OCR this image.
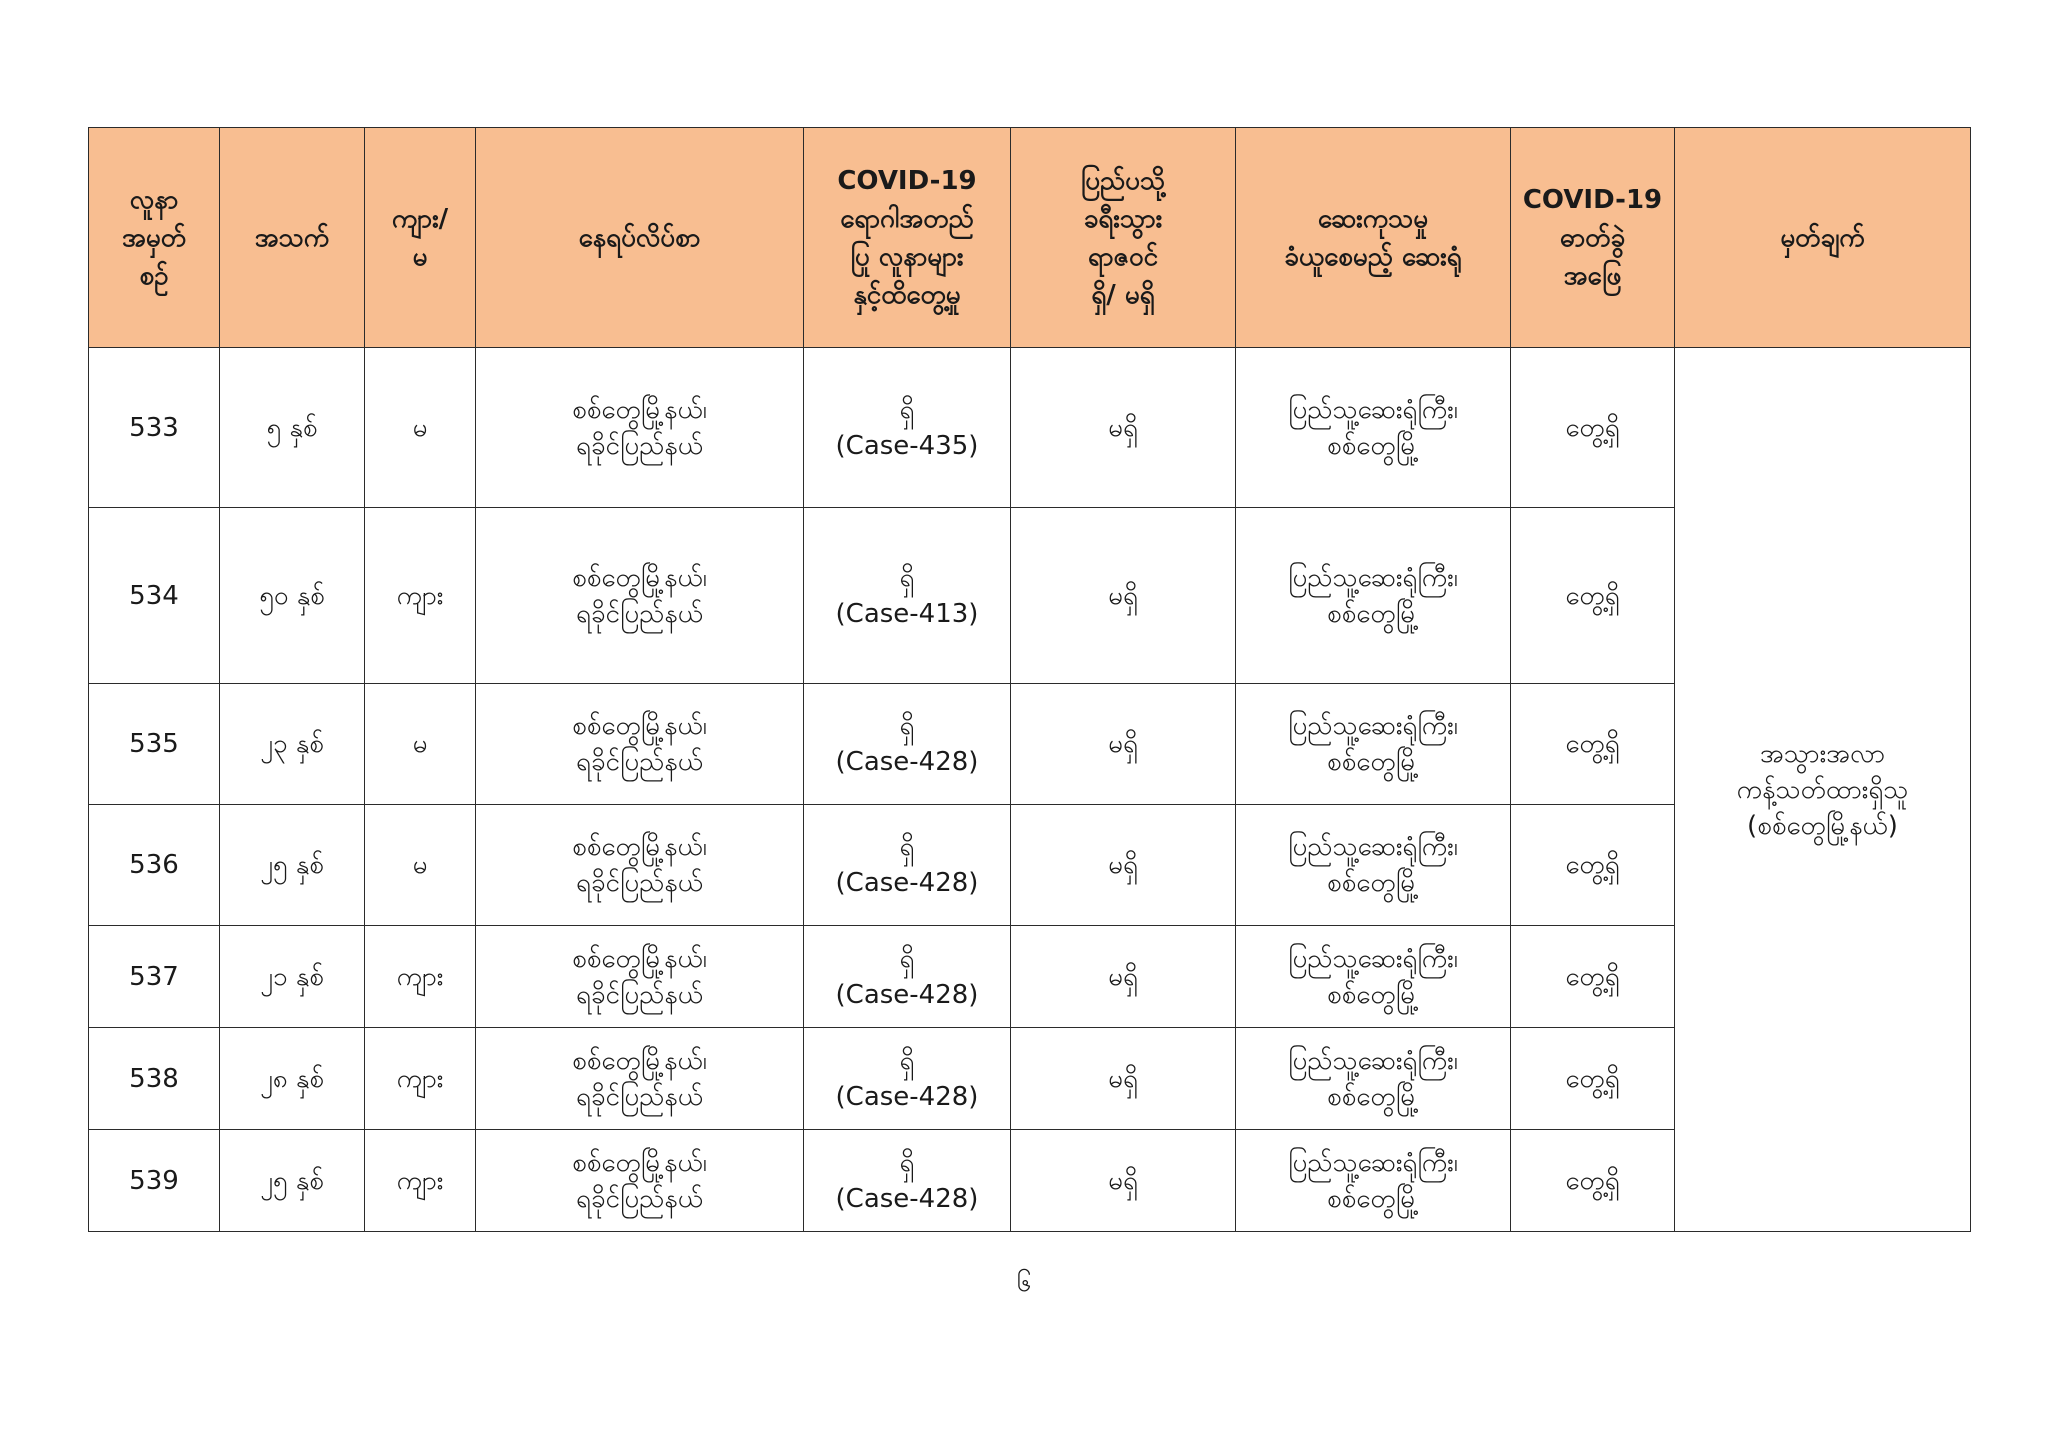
လူနာ
အမှတ်
စဉ်	အသက်	ကျား/
မ	နေရပ်လိပ်စာ	COVID-19
ရောဂါအတည်
ပြု လူနာများ
နှင့်ထိတွေ့မှု	ပြည်ပသို့
ခရီးသွား
ရာဇဝင်
ရှိ/ မရှိ	ဆေးကုသမှု
ခံယူစေမည့် ဆေးရုံ	COVID-19
ဓာတ်ခွဲ
အဖြေ	မှတ်ချက်
533	၅ နှစ်	မ	စစ်တွေမြို့နယ်၊
ရခိုင်ပြည်နယ်	ရှိ
(Case-435)	မရှိ	ပြည်သူ့ဆေးရုံကြီး၊
စစ်တွေမြို့	တွေ့ရှိ	အသွားအလာ
ကန့်သတ်ထားရှိသူ
(စစ်တွေမြို့နယ်)
534	၅၀ နှစ်	ကျား	စစ်တွေမြို့နယ်၊
ရခိုင်ပြည်နယ်	ရှိ
(Case-413)	မရှိ	ပြည်သူ့ဆေးရုံကြီး၊
စစ်တွေမြို့	တွေ့ရှိ	
535	၂၃ နှစ်	မ	စစ်တွေမြို့နယ်၊
ရခိုင်ပြည်နယ်	ရှိ
(Case-428)	မရှိ	ပြည်သူ့ဆေးရုံကြီး၊
စစ်တွေမြို့	တွေ့ရှိ	
536	၂၅ နှစ်	မ	စစ်တွေမြို့နယ်၊
ရခိုင်ပြည်နယ်	ရှိ
(Case-428)	မရှိ	ပြည်သူ့ဆေးရုံကြီး၊
စစ်တွေမြို့	တွေ့ရှိ	
537	၂၁ နှစ်	ကျား	စစ်တွေမြို့နယ်၊
ရခိုင်ပြည်နယ်	ရှိ
(Case-428)	မရှိ	ပြည်သူ့ဆေးရုံကြီး၊
စစ်တွေမြို့	တွေ့ရှိ	
538	၂၈ နှစ်	ကျား	စစ်တွေမြို့နယ်၊
ရခိုင်ပြည်နယ်	ရှိ
(Case-428)	မရှိ	ပြည်သူ့ဆေးရုံကြီး၊
စစ်တွေမြို့	တွေ့ရှိ	
539	၂၅ နှစ်	ကျား	စစ်တွေမြို့နယ်၊
ရခိုင်ပြည်နယ်	ရှိ
(Case-428)	မရှိ	ပြည်သူ့ဆေးရုံကြီး၊
စစ်တွေမြို့	တွေ့ရှိ	
၆
